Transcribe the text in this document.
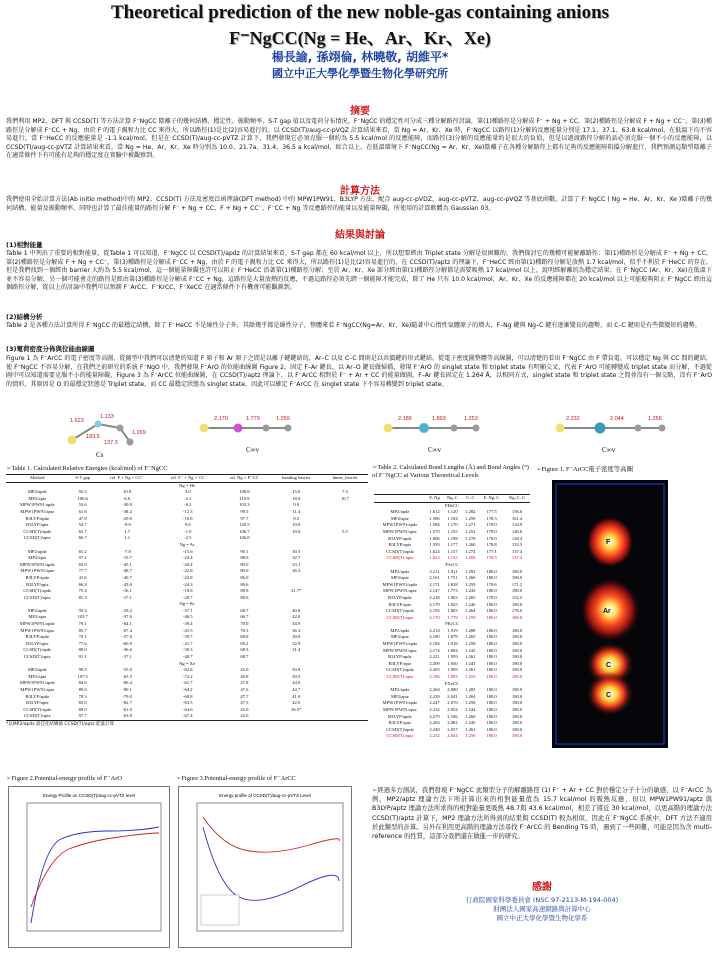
Theoretical prediction of the new noble-gas containing anions
F⁻NgCC(Ng = He、Ar、Kr、Xe)
楊長諭, 孫翊倫, 林曉敬, 胡維平*
國立中正大學化學暨生物化學研究所
摘要
我們利用 MP2、DFT 與 CCSD(T) 等方法計算 F⁻NgCC 陰離子的幾何結構、穩定性、振動頻率、S-T gap 值以及電荷分布情況。F⁻NgCC 的穩定性可分成三種分解路徑討論，第(1)種路徑是分解成 F⁻ + Ng + CC，第(2)種路徑是分解成 F + Ng + CC⁻，第(3)種路徑是分解成 F⁻CC + Ng，由於 F 的電子親和力比 CC 來得大，所以路徑(1)是比(2)容易進行的。以 CCSD(T)/aug-cc-pVQZ 計算結果來看，當 Ng = Ar、Kr、Xe 時，F⁻NgCC 以路徑(1)分解的反應能量分別是 17.1、37.1、63.8 kcal/mol，在低溫下均不容易進行，當 F⁻HeCC 的反應能量是 -1.1 kcal/mol，但是在 CCSD(T)/aug-cc-pVTZ 計算下，我們發現它必須克服一個約為 5.5 kcal/mol 的反應能障，而路徑(3)分解的反應能量約是很大的負值，但是以過渡路徑分解的話必須克服一個不小的反應能障，以 CCSD(T)/aug-cc-pVTZ 計算結果來看，當 Ng = He、Ar、Kr、Xe 時分別為 10.0、21.7a、31.4、36.5 a kcal/mol，綜合以上，在低溫環境下 F⁻NgCC(Ng = Ar、Kr、Xe)陰離子在各種分解路徑上都有足夠的反應能障阻擋分解進行，我們預測這類型陰離子在適當條件下有可能有足夠的穩定度在實驗中被觀察到。
計算方法
我們使用全始計算方法(Ab initio method)中的 MP2、CCSD(T) 方法及密度泛函理論(DFT method) 中的 MPW1PW91、B3LYP 方法，配合 aug-cc-pVDZ、aug-cc-pVTZ、aug-cc-pVQZ 等基底函數，計算了 F⁻NgCC ( Ng = He、Ar、Kr、Xe )陰離子的幾何結構、能量及振動頻率、同時也計算了最佳能量的路徑分解 F⁻ + Ng + CC、F + Ng + CC⁻、F⁻CC + Ng 等反應路徑的能量以及能量障礙，所使用的計算軟體為 Gaussian 03。
結果與討論
(1)相對能量
Table 1 中列出了重要的相對能量，從Table 1 可以知道，F⁻NgCC 以 CCSD(T)/apdz 的計算結果來看，S-T gap 都在 60 kcal/mol 以上，所以想要經由 Triplet state 分解是很困難的。我們探討它的幾種可能解離路徑：第(1)種路徑是分解成 F⁻ + Ng + CC，第(2)種路徑是分解成 F + Ng + CC⁻，第(3)種路徑是分解成 F⁻CC + Ng，由於 F 的電子親和力比 CC 來得大，所以路徑(1)是比(2)容易進行的，在 CCSD(T)/aptz 的理論下，F⁻HeCC 經由第(1)種路徑分解是放熱 1.7 kcal/mol，似乎不利於 F⁻HeCC 的存在，但是我們找到一個經由 barrier 大約為 5.5 kcal/mol，這一個能量障礙也許可以阻止 F⁻HeCC 沿著第(1)種路徑分解；至於 Ar、Kr、Xe 部分經由第(1)種路徑分解都是需要吸熱 17 kcal/mol 以上，說明經解離的為穩定結果；在 F⁻NgCC (Ar、Kr、Xe)在低溫下並不容易分解，另一個可能會走的路徑是經由第(3)種路徑是分解成 F⁻CC + Ng，這路徑是大量放熱的反應，不過這路徑必須先跨一個能障才能完成，除了 He 只有 10.0 kcal/mol，Ar、Kr、Xe 的反應能障都在 20 kcal/mol 以上可能較夠阻止 F⁻NgCC 經由這個路徑分解，從以上的討論中我們可以預測 F⁻ArCC、F⁻KrCC、F⁻XeCC 在適當條件下有機會可能觀測到。
(2)結構分析
Table 2 是各種方法計算所得 F⁻NgCC 的最穩定結構，除了 F⁻HeCC 不是線性分子外，其餘幾乎都是線性分子，整體來看 F⁻NgCC(Ng=Ar、Kr、Xe)隨著中心惰性氣體原子的增大，F–Ng 鍵與 Ng–C 鍵有逐漸變長的趨勢，而 C–C 鍵則是有些微變短的趨勢。
(3)電荷密度分佈與位能曲線圖
Figure 1 為 F⁻ArCC 的電子密度等高圖，從圖型中我們可以清楚的知道 F 原子和 Ar 原子之間是以離子鍵鍵結的，Ar–C 以及 C–C 間則是以共價鍵的形式鍵結。從電子密度圖整體等高線圖，可以清楚的看出 F⁻NgCC 由 F 帶負電，可以穩定 Ng 與 CC 間的鍵結，使 F⁻NgCC 不容易分解，在我們之前研究的系統 F⁻NgO 中，我們發現 F⁻ArO 的位能曲線圖 Figure 2，固定 F–Ar 鍵長，以 Ar–O 鍵長做掃描，發現 F⁻ArO 的 singlet state 和 triplet state 有明顯交叉，代表 F⁻ArO 可能轉變成 triplet state 而分解，不過從圖中可以知道需要克服不小的能量障礙，Figure 3 為 F⁻ArCC 位能曲線圖，在 CCSD(T)/aptz 理論下，以 F⁻ArCC 相對於 F⁻ + Ar + CC 的能量做圖，F–Ar 鍵長固定在 1.264 Å，以相同方式，singlet state 和 triplet state 之間並沒有一個交點，沒有 F⁻ArO 的情形，其原因是 O 的最穩定狀態是 Triplet state，而 CC 最穩定狀態為 singlet state，因此可以確定 F⁻ArCC 在 singlet state 下不容易轉變到 triplet state。
1.623
1.133
1.269
183.5
137.3
Cs
2.170	1.779	1.259
C∞v
2.186	1.893	1.253
C∞v
2.232	2.044	1.256
C∞v
➢Table 1. Calculated Relative Energies (kcal/mol) of F⁻NgCC
Method	S-T gap	rel. F + Ng + CC⁻	rel. F⁻ + Ng + CC	rel. Ng + F⁻CC	bending barrier	linear_barrier
Ng = He						
MP2/apdz	92.3	10.8	3.0	108.8	15.6	7.3
MP2/aptz	106.6	6.6	-2.1	110.9	18.0	10.7
MPW1PW91/apdz	53.6	-30.9	-6.2	103.3	9.9	
MPW1PW91/aptz	61.6	-38.2	-12.3	99.5	11.4	
B3LYP/apdz	47.8	-29.0	-10.8	97.7	8.5	
B3LYP/aptz	54.7	-9.6	9.6	120.5	10.0	
CCSD(T)/apdz	65.7	1.7	-1.0	106.7	10.0	5.5
CCSD(T)/aptz	66.7	1.1	-2.5	106.8		
Ng = Ar						
MP2/apdz	81.2	-7.8	-15.6	90.1	30.5	
MP2/aptz	97.2	-15.7	-24.4	88.6	32.7	
MPW1PW91/apdz	63.9	-45.1	-20.4	89.0	23.1	
MPW1PW91/aptz	77.7	-48.7	-22.8	89.0	26.3	
B3LYP/apdz	41.6	-40.7	-22.8	86.0		
B3LYP/aptz	66.8	-43.6	-24.3	86.6		
CCSD(T)/apdz	75.4	-16.1	-18.8	88.8	21.7*	
CCSD(T)/aptz	81.3	-17.1	-20.7	88.6		
Ng = Kr						
MP2/apdz	93.3	-29.2	-37.1	68.7	40.8	
MP2/aptz	103.7	-37.6	-46.5	66.7	42.0	
MPW1PW91/apdz	79.1	-64.1	-39.4	70.0	34.9	
MPW1PW91/aptz	85.7	-67.4	-41.5	70.3	36.3	
B3LYP/apdz	70.1	-57.9	-39.7	68.8	30.8	
B3LYP/aptz	77.6	-60.9	-41.7	69.2	32.9	
CCSD(T)/apdz	88.0	-36.6	-39.3	68.3	31.4	
CCSD(T)/aptz	91.1	-37.1	-40.7	68.7		
Ng = Xe						
MP2/apdz	99.5	-55.0	-62.8	43.0	50.8	
MP2/aptz	107.5	-65.5	-72.2	40.8	50.5	
MPW1PW91/apdz	84.6	-86.4	-61.7	47.8	44.0	
MPW1PW91/aptz	89.6	-90.1	-64.2	47.6	44.7	
B3LYP/apdz	78.3	-79.0	-60.8	47.7	41.0	
B3LYP/aptz	83.6	-82.7	-63.5	47.5	42.0	
CCSD(T)/apdz	89.0	-61.0	-64.6	43.0	36.5*	
CCSD(T)/aptz	97.7	-63.8	-67.4	42.0		
*以MP2/apdz 最佳化結構做 CCSD(T)/aptz 能量計算
➢Table 2. Calculated Bond Lengths (Å) and Bond Angles (°) of F⁻NgCC at Various Theoretical Levels
	F–Ng	Ng–C	C–C	F–Ng–C	Ng–C–C
FHeCC					
MP2/apdz	1.612	1.120	1.282	177.5	156.6
MP2/aptz	1.586	1.104	1.259	178.3	161.4
MPW1PW91/apdz	1.584	1.170	1.271	178.0	134.9
MPW1PW91/aptz	1.570	1.155	1.252	179.0	140.6
B3LYP/apdz	1.606	1.198	1.270	178.9	128.4
B3LYP/aptz	1.593	1.177	1.260	178.8	133.5
CCSD(T)/apdz	1.624	1.157	1.274	177.1	137.4
CCSD(T)/aptz	1.623	1.133	1.269	176.5	137.3
FArCC					
MP2/apdz	2.211	1.811	1.292	180.0	180.0
MP2/aptz	2.161	1.751	1.266	180.0	180.0
MPW1PW91/apdz	2.171	1.818	1.259	179.6	171.2
MPW1PW91/aptz	2.147	1.773	1.243	180.0	180.0
B3LYP/apdz	2.218	1.903	1.265	179.0	152.5
B3LYP/aptz	2.179	1.825	1.246	180.0	180.0
CCSD(T)/apdz	2.193	1.803	1.264	180.0	176.0
CCSD(T)/aptz	2.170	1.779	1.259	180.0	180.0
FKrCC					
MP2/apdz	2.214	1.919	1.288	180.0	180.0
MP2/aptz	2.180	1.879	1.265	180.0	180.0
MPW1PW91/apdz	2.184	1.916	1.258	180.0	180.0
MPW1PW91/aptz	2.174	1.894	1.245	180.0	180.0
B3LYP/apdz	2.221	1.959	1.261	180.0	180.0
B3LYP/aptz	2.209	1.930	1.245	180.0	180.0
CCSD(T)/apdz	2.203	1.905	1.261	180.0	180.0
CCSD(T)/aptz	2.186	1.893	1.253	180.0	180.0
FXeCC					
MP2/apdz	2.264	2.080	1.285	180.0	180.0
MP2/aptz	2.239	2.041	1.264	180.0	180.0
MPW1PW91/apdz	2.247	2.076	1.258	180.0	180.0
MPW1PW91/aptz	2.232	2.054	1.244	180.0	180.0
B3LYP/apdz	2.279	2.106	1.260	180.0	180.0
B3LYP/aptz	2.264	2.082	1.245	180.0	180.0
CCSD(T)/apdz	2.249	2.057	1.261	180.0	180.0
CCSD(T)/aptz	2.232	2.044	1.256	180.0	180.0
➢Figure 1. F⁻ArCC電子密度等高圖
F
Ar
C
C
➢Figure 2.Potential-energy profile of F⁻ArO
Energy Profile on CCSD(T)/aug-cc-pVTZ level
➢Figure 3.Potential-energy profile of F⁻ArCC
Energy profile of CCSD(T)/aug-cc-pVTZ Level
➢經過多方測試，我們發現 F⁻NgCC 此類型分子的解離路徑 (1) F⁻ + Ar + CC 對於穩定分子十分的敏感，以 F⁻ArCC 為例，MP2/aptz 理論方法下所計算出來的相對能量值為 15.7 kcal/mol 的吸熱反應，但以 MPW1PW91/aptz 與 B3LYP/aptz 理論方法所求得的相對能量更吸熱 48.7與 43.6 kcal/mol，相差了將近 30 kcal/mol，以更高階的理論方法 CCSD(T)/aptz 計算下，MP2 理論方法所得到的結果與 CCSD(T) 較為相似，因此在 F⁻NgCC 系統中，DFT 方法不適用於此類型的計算。另外在利用更高階的理論方法尋找 F⁻ArCC 的 Bending TS 時，遇到了一些困難，可能是因為含 multi-reference 的性質，這部分我們還在做進一步的研究。
感謝
行政院國家科學委員會 (NSC 97-2113-M-194-004)
財團法人國家高速網路與計算中心
國立中正大學化學暨生物化學系
